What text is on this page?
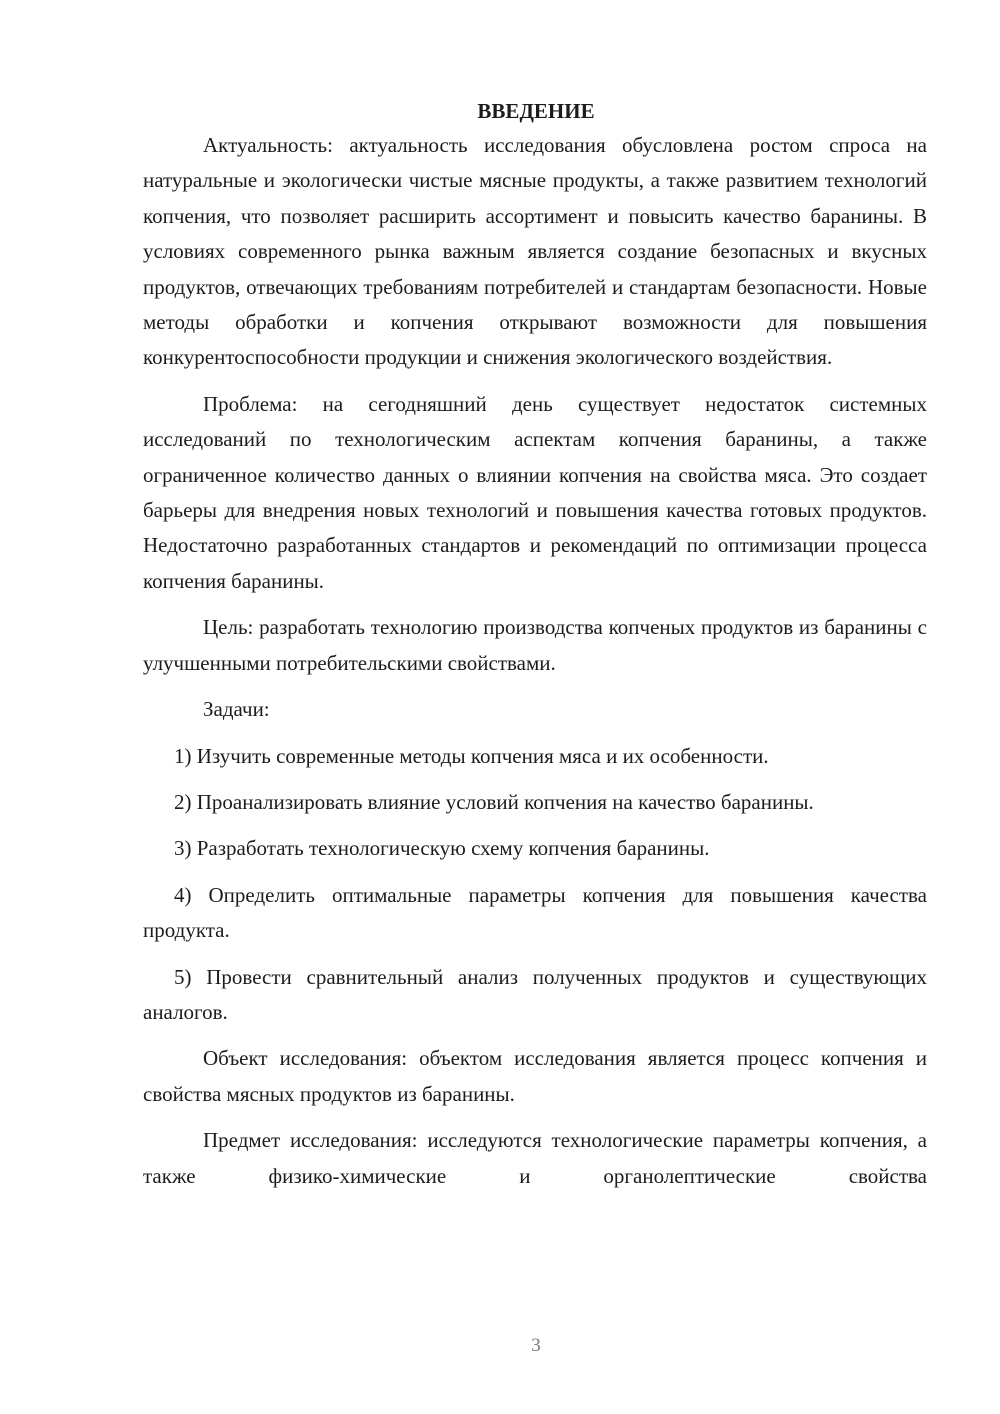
ВВЕДЕНИЕ

Актуальность: актуальность исследования обусловлена ростом спроса на натуральные и экологически чистые мясные продукты, а также развитием технологий копчения, что позволяет расширить ассортимент и повысить качество баранины. В условиях современного рынка важным является создание безопасных и вкусных продуктов, отвечающих требованиям потребителей и стандартам безопасности. Новые методы обработки и копчения открывают возможности для повышения конкурентоспособности продукции и снижения экологического воздействия.

Проблема: на сегодняшний день существует недостаток системных исследований по технологическим аспектам копчения баранины, а также ограниченное количество данных о влиянии копчения на свойства мяса. Это создает барьеры для внедрения новых технологий и повышения качества готовых продуктов. Недостаточно разработанных стандартов и рекомендаций по оптимизации процесса копчения баранины.

Цель: разработать технологию производства копченых продуктов из баранины с улучшенными потребительскими свойствами.

Задачи:

1) Изучить современные методы копчения мяса и их особенности.

2) Проанализировать влияние условий копчения на качество баранины.

3) Разработать технологическую схему копчения баранины.

4) Определить оптимальные параметры копчения для повышения качества продукта.

5) Провести сравнительный анализ полученных продуктов и существующих аналогов.

Объект исследования: объектом исследования является процесс копчения и свойства мясных продуктов из баранины.

Предмет исследования: исследуются технологические параметры копчения, а также физико-химические и органолептические свойства

3
